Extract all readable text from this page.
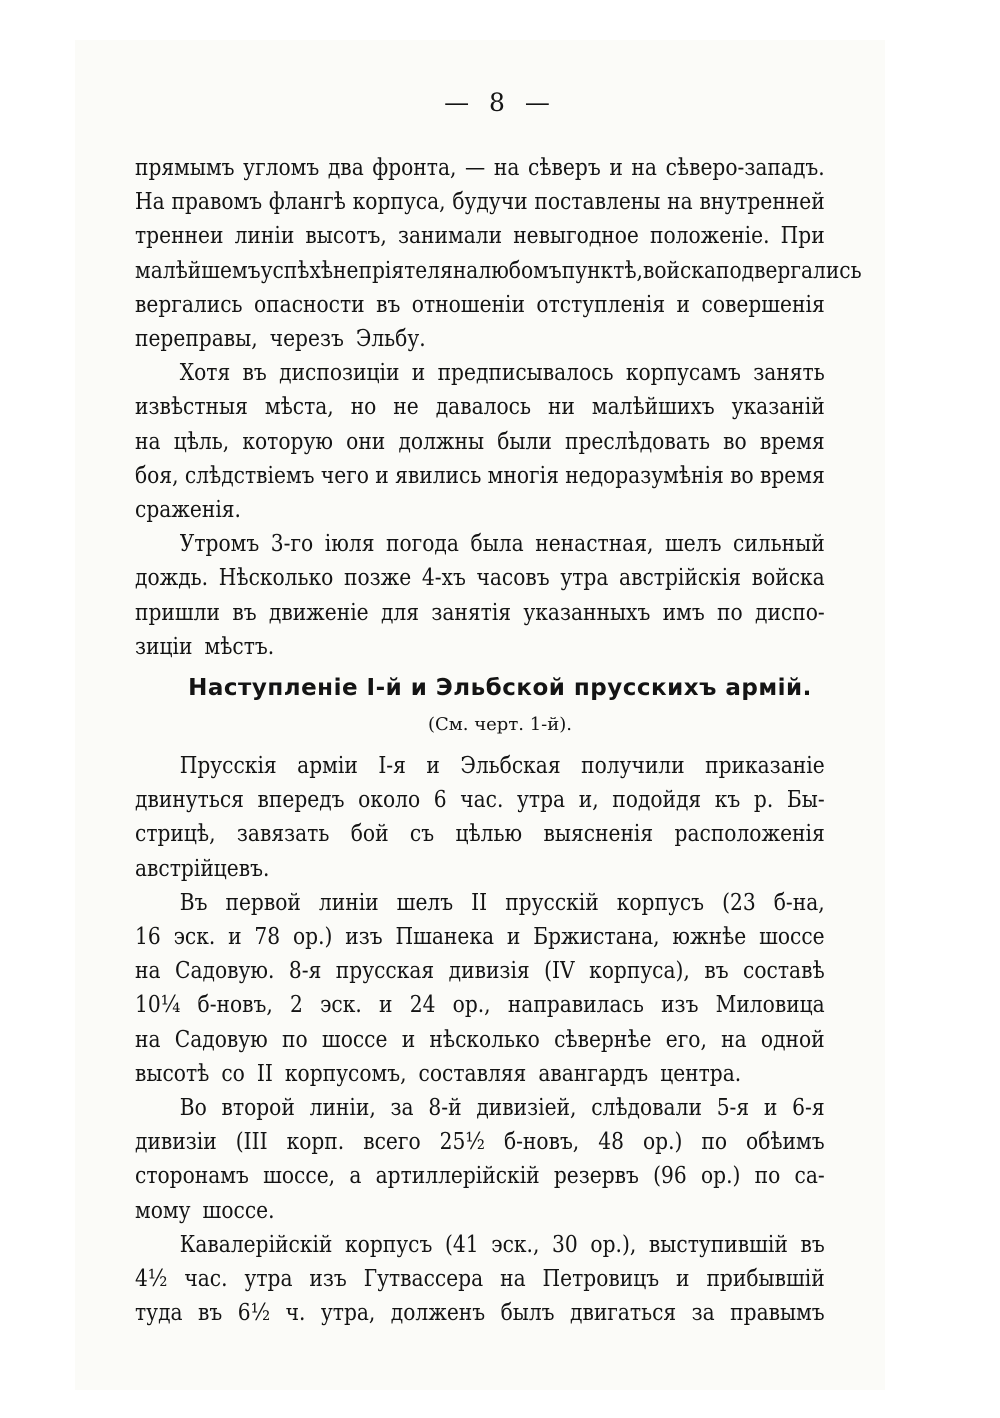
— 8 —
прямымъ угломъ два фронта, — на сѣверъ и на сѣверо-западъ.
На правомъ флангѣ корпуса, будучи поставлены на внутренней
треннеи линіи высотъ, занимали невыгодное положеніе. При
малѣйшемъ успѣхѣ непріятеля на любомъ пунктѣ, войска подвергались
вергались опасности въ отношеніи отступленія и совершенія
переправы, черезъ Эльбу.
Хотя въ диспозиціи и предписывалось корпусамъ занять
извѣстныя мѣста, но не давалось ни малѣйшихъ указаній
на цѣль, которую они должны были преслѣдовать во время
боя, слѣдствіемъ чего и явились многія недоразумѣнія во время
сраженія.
Утромъ 3-го іюля погода была ненастная, шелъ сильный
дождь. Нѣсколько позже 4-хъ часовъ утра австрійскія войска
пришли въ движеніе для занятія указанныхъ имъ по диспо-
зиціи мѣстъ.
Наступленіе І-й и Эльбской прусскихъ армій.
(См. черт. 1-й).
Прусскія арміи І-я и Эльбская получили приказаніе
двинуться впередъ около 6 час. утра и, подойдя къ р. Бы-
стрицѣ, завязать бой съ цѣлью выясненія расположенія
австрійцевъ.
Въ первой линіи шелъ II прусскій корпусъ (23 б-на,
16 эск. и 78 ор.) изъ Пшанека и Бржистана, южнѣе шоссе
на Садовую. 8-я прусская дивизія (IV корпуса), въ составѣ
10¼ б-новъ, 2 эск. и 24 ор., направилась изъ Миловица
на Садовую по шоссе и нѣсколько сѣвернѣе его, на одной
высотѣ со II корпусомъ, составляя авангардъ центра.
Во второй линіи, за 8-й дивизіей, слѣдовали 5-я и 6-я
дивизіи (III корп. всего 25½ б-новъ, 48 ор.) по обѣимъ
сторонамъ шоссе, а артиллерійскій резервъ (96 ор.) по са-
мому шоссе.
Кавалерійскій корпусъ (41 эск., 30 ор.), выступившій въ
4½ час. утра изъ Гутвассера на Петровицъ и прибывшій
туда въ 6½ ч. утра, долженъ былъ двигаться за правымъ
